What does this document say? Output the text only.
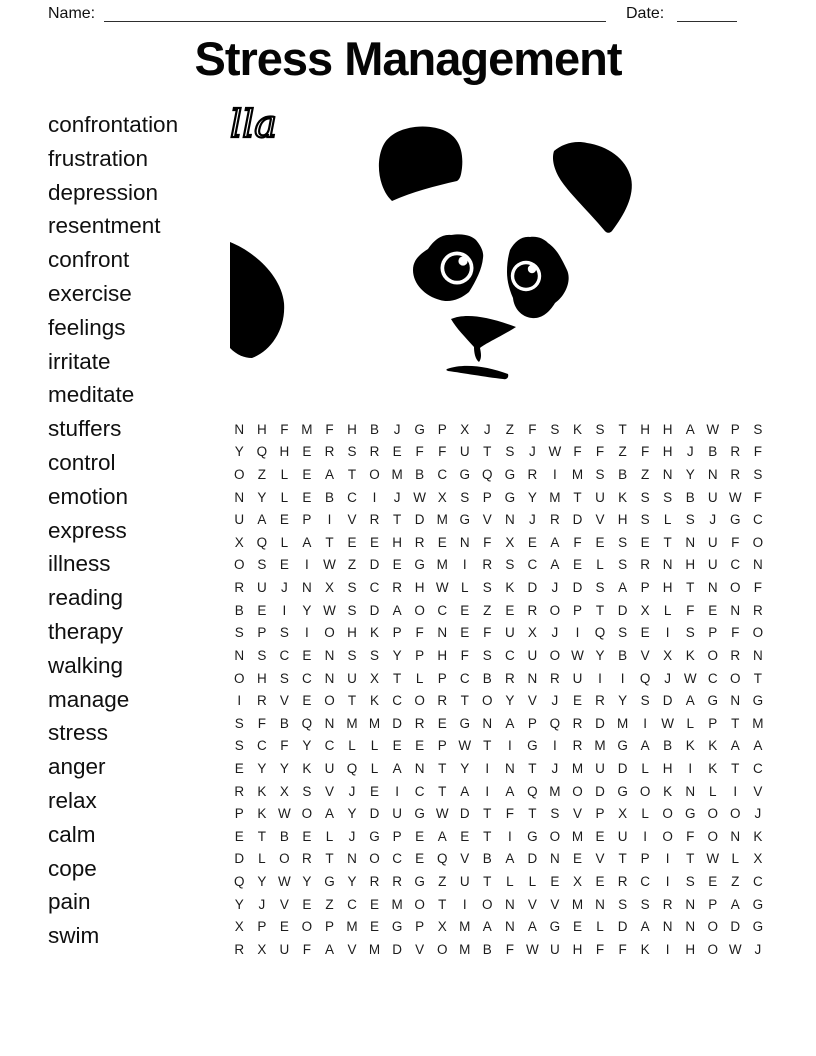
Name:	Date:
Stress Management
confrontation
frustration
depression
resentment
confront
exercise
feelings
irritate
meditate
stuffers
control
emotion
express
illness
reading
therapy
walking
manage
stress
anger
relax
calm
cope
pain
swim
lla
N H	F M F	H B	J	G P	X	J	Z	F	S	K	S	T	H H A W P	S
Y Q H E R S R E	F	F	U	T	S	J W F	F	Z	F	H	J	B R	F
O Z	L	E	A	T O M B C G Q G R	I	M S	B	Z	N Y N R S
N Y	L	E	B C	I	J W X	S	P G Y M T	U K	S	S	B U W F
U A	E	P	I	V R	T	D M G V N	J	R D V H S	L	S	J	G C
X Q	L	A	T	E	E H R E N	F	X	E	A	F	E	S	E	T	N U	F O
O S	E	I	W Z	D E G M	I	R S C A	E	L	S R N H U C N
R U	J	N X	S C R H W L	S	K D	J	D S	A	P H	T	N O F
B	E	I	Y W S D A O C E	Z	E R O P	T	D X	L	F	E N R
S	P	S	I	O H K	P	F	N E	F	U X	J	I	Q S	E	I	S	P	F O
N S C E N S	S	Y	P H	F	S C U O W Y	B	V	X	K O R N
O H S C N U X	T	L	P C B R N R U	I	I	Q	J W C O T
I	R V	E O T	K C O R	T O Y	V	J	E R Y	S D A G N G
S	F	B Q N M M D R E G N A	P Q R D M	I	W L	P	T M
S C	F	Y C	L	L	E	E	P W T	I	G	I	R M G A	B	K	K	A	A
E	Y	Y	K U Q	L	A N	T	Y	I	N	T	J	M U D	L	H	I	K	T	C
R K	X	S	V	J	E	I	C	T	A	I	A Q M O D G O K N	L	I	V
P	K W O A	Y D U G W D	T	F	T	S	V	P	X	L	O G O O	J
E	T	B	E	L	J	G P	E	A	E	T	I	G O M E U	I	O F O N K
D	L	O R	T	N O C E Q V	B	A D N E	V	T	P	I	T W L	X
Q Y W Y G Y R R G Z	U	T	L	L	E	X	E R C	I	S	E	Z	C
Y	J	V	E	Z	C E M O T	I	O N V	V M N S	S R N P	A G
X	P	E O P M E G P	X M A N A G E	L	D A N N O D G
R X U	F	A	V M D V O M B	F W U H	F	F	K	I	H O W J
